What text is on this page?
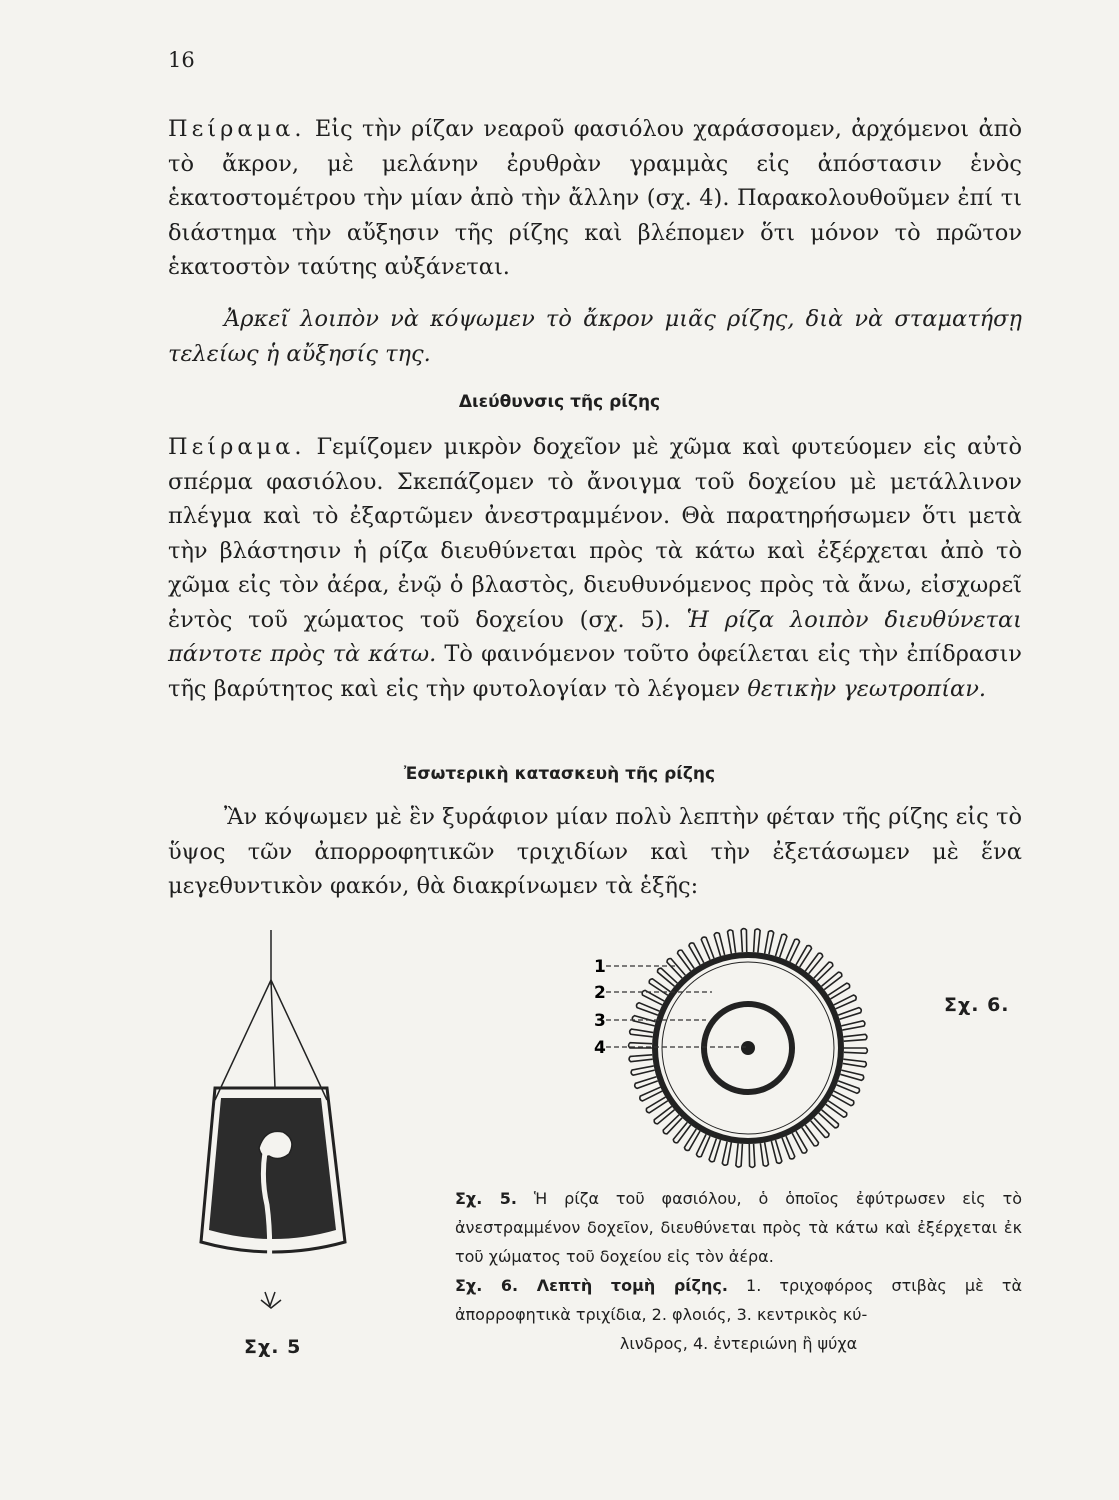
16

Πείραμα. Εἰς τὴν ρίζαν νεαροῦ φασιόλου χαράσσομεν, ἀρχόμενοι ἀπὸ τὸ ἄκρον, μὲ μελάνην ἐρυθρὰν γραμμὰς εἰς ἀπόστασιν ἑνὸς ἑκατοστομέτρου τὴν μίαν ἀπὸ τὴν ἄλλην (σχ. 4). Παρακολουθοῦμεν ἐπί τι διάστημα τὴν αὔξησιν τῆς ρίζης καὶ βλέπομεν ὅτι μόνον τὸ πρῶτον ἑκατοστὸν ταύτης αὐξάνεται.

Ἀρκεῖ λοιπὸν νὰ κόψωμεν τὸ ἄκρον μιᾶς ρίζης, διὰ νὰ σταματήσῃ τελείως ἡ αὔξησίς της.

Διεύθυνσις τῆς ρίζης

Πείραμα. Γεμίζομεν μικρὸν δοχεῖον μὲ χῶμα καὶ φυτεύομεν εἰς αὐτὸ σπέρμα φασιόλου. Σκεπάζομεν τὸ ἄνοιγμα τοῦ δοχείου μὲ μετάλλινον πλέγμα καὶ τὸ ἐξαρτῶμεν ἀνεστραμμένον. Θὰ παρατηρήσωμεν ὅτι μετὰ τὴν βλάστησιν ἡ ρίζα διευθύνεται πρὸς τὰ κάτω καὶ ἐξέρχεται ἀπὸ τὸ χῶμα εἰς τὸν ἀέρα, ἐνῷ ὁ βλαστὸς, διευθυνόμενος πρὸς τὰ ἄνω, εἰσχωρεῖ ἐντὸς τοῦ χώματος τοῦ δοχείου (σχ. 5). Ἡ ρίζα λοιπὸν διευθύνεται πάντοτε πρὸς τὰ κάτω. Τὸ φαινόμενον τοῦτο ὀφείλεται εἰς τὴν ἐπίδρασιν τῆς βαρύτητος καὶ εἰς τὴν φυτολογίαν τὸ λέγομεν θετικὴν γεωτροπίαν.

Ἐσωτερικὴ κατασκευὴ τῆς ρίζης

Ἂν κόψωμεν μὲ ἓν ξυράφιον μίαν πολὺ λεπτὴν φέταν τῆς ρίζης εἰς τὸ ὕψος τῶν ἀπορροφητικῶν τριχιδίων καὶ τὴν ἐξετάσωμεν μὲ ἕνα μεγεθυντικὸν φακόν, θὰ διακρίνωμεν τὰ ἑξῆς:

Σχ. 5
1
2
3
4
Σχ. 6.

Σχ. 5. Ἡ ρίζα τοῦ φασιόλου, ὁ ὁποῖος ἐφύτρωσεν εἰς τὸ ἀνεστραμμένον δοχεῖον, διευθύνεται πρὸς τὰ κάτω καὶ ἐξέρχεται ἐκ τοῦ χώματος τοῦ δοχείου εἰς τὸν ἀέρα.

Σχ. 6. Λεπτὴ τομὴ ρίζης. 1. τριχοφόρος στιβὰς μὲ τὰ ἀπορροφητικὰ τριχίδια, 2. φλοιός, 3. κεντρικὸς κύ-

λινδρος, 4. ἐντεριώνη ἢ ψύχα
